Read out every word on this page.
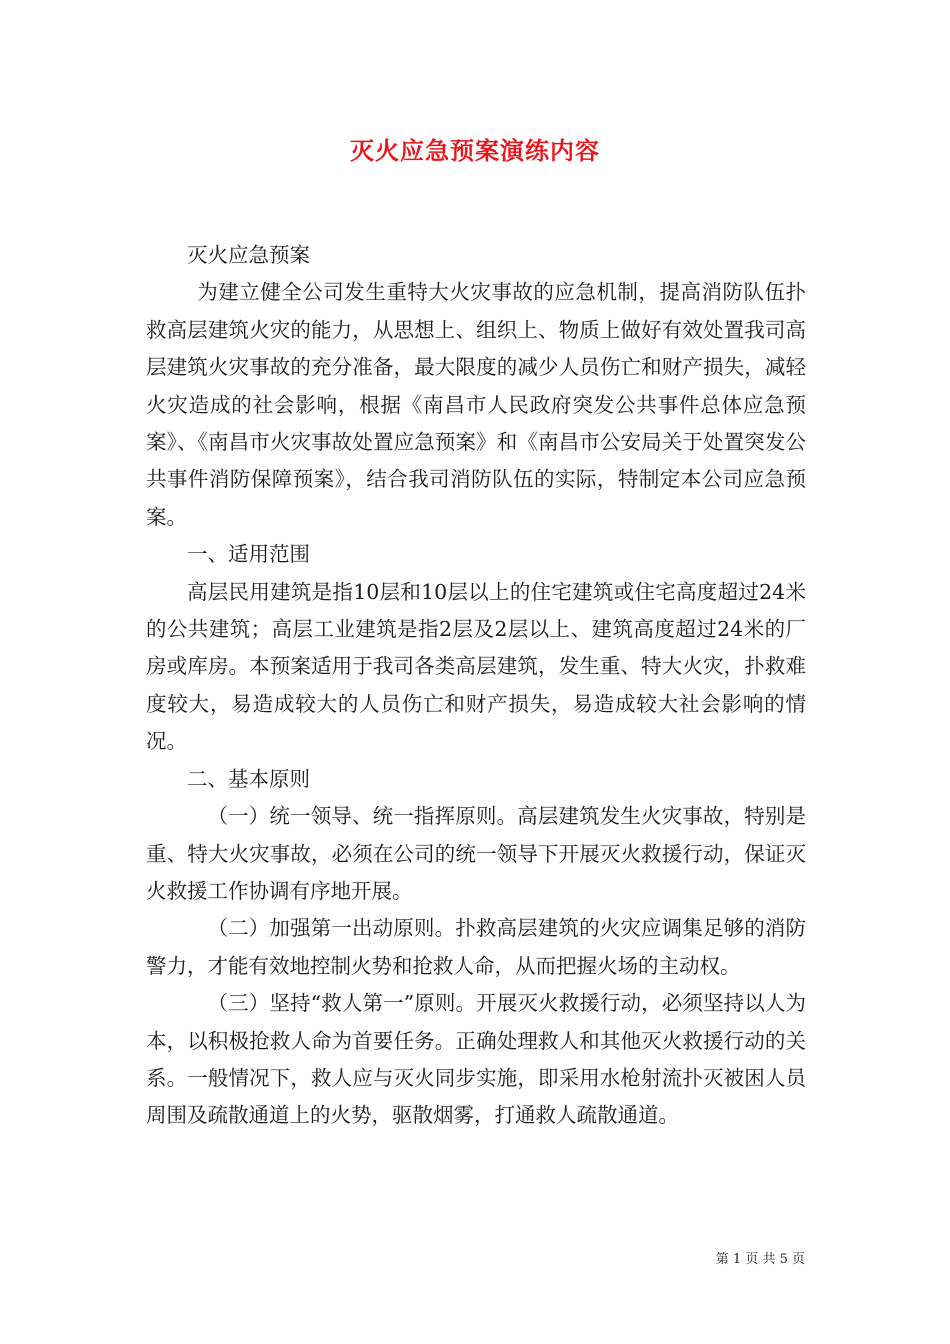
灭火应急预案演练内容

灭火应急预案

为建立健全公司发生重特大火灾事故的应急机制，提高消防队伍扑救高层建筑火灾的能力，从思想上、组织上、物质上做好有效处置我司高层建筑火灾事故的充分准备，最大限度的减少人员伤亡和财产损失，减轻火灾造成的社会影响，根据《南昌市人民政府突发公共事件总体应急预案》、《南昌市火灾事故处置应急预案》和《南昌市公安局关于处置突发公共事件消防保障预案》，结合我司消防队伍的实际，特制定本公司应急预案。

一、适用范围

高层民用建筑是指10层和10层以上的住宅建筑或住宅高度超过24米的公共建筑；高层工业建筑是指2层及2层以上、建筑高度超过24米的厂房或库房。本预案适用于我司各类高层建筑，发生重、特大火灾，扑救难度较大，易造成较大的人员伤亡和财产损失，易造成较大社会影响的情况。

二、基本原则

（一）统一领导、统一指挥原则。高层建筑发生火灾事故，特别是重、特大火灾事故，必须在公司的统一领导下开展灭火救援行动，保证灭火救援工作协调有序地开展。

（二）加强第一出动原则。扑救高层建筑的火灾应调集足够的消防警力，才能有效地控制火势和抢救人命，从而把握火场的主动权。

（三）坚持“救人第一”原则。开展灭火救援行动，必须坚持以人为本，以积极抢救人命为首要任务。正确处理救人和其他灭火救援行动的关系。一般情况下，救人应与灭火同步实施，即采用水枪射流扑灭被困人员周围及疏散通道上的火势，驱散烟雾，打通救人疏散通道。

第 1 页 共 5 页
